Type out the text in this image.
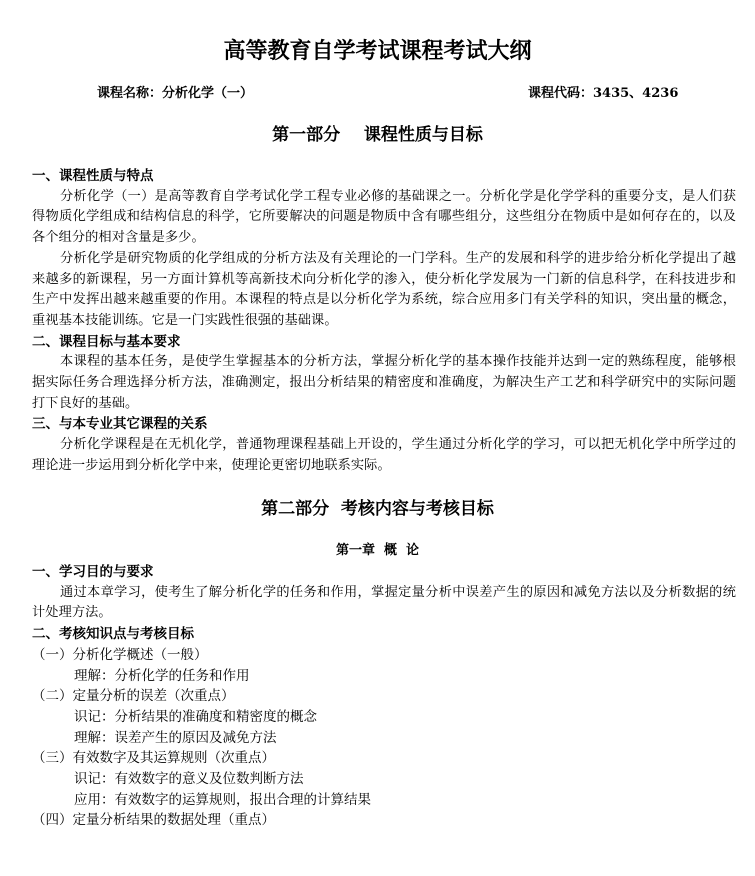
高等教育自学考试课程考试大纲
课程名称：分析化学（一）	课程代码：3435、4236
第一部分    课程性质与目标

一、课程性质与特点

分析化学（一）是高等教育自学考试化学工程专业必修的基础课之一。分析化学是化学学科的重要分支，是人们获得物质化学组成和结构信息的科学，它所要解决的问题是物质中含有哪些组分，这些组分在物质中是如何存在的，以及各个组分的相对含量是多少。

分析化学是研究物质的化学组成的分析方法及有关理论的一门学科。生产的发展和科学的进步给分析化学提出了越来越多的新课程，另一方面计算机等高新技术向分析化学的渗入，使分析化学发展为一门新的信息科学，在科技进步和生产中发挥出越来越重要的作用。本课程的特点是以分析化学为系统，综合应用多门有关学科的知识，突出量的概念，重视基本技能训练。它是一门实践性很强的基础课。

二、课程目标与基本要求

本课程的基本任务，是使学生掌握基本的分析方法，掌握分析化学的基本操作技能并达到一定的熟练程度，能够根据实际任务合理选择分析方法，准确测定，报出分析结果的精密度和准确度，为解决生产工艺和科学研究中的实际问题打下良好的基础。

三、与本专业其它课程的关系

分析化学课程是在无机化学，普通物理课程基础上开设的，学生通过分析化学的学习，可以把无机化学中所学过的理论进一步运用到分析化学中来，使理论更密切地联系实际。

第二部分  考核内容与考核目标
第一章  概  论

一、学习目的与要求

通过本章学习，使考生了解分析化学的任务和作用，掌握定量分析中误差产生的原因和减免方法以及分析数据的统计处理方法。

二、考核知识点与考核目标

（一）分析化学概述（一般）

理解：分析化学的任务和作用

（二）定量分析的误差（次重点）

识记：分析结果的准确度和精密度的概念

理解：误差产生的原因及减免方法

（三）有效数字及其运算规则（次重点）

识记：有效数字的意义及位数判断方法

应用：有效数字的运算规则，报出合理的计算结果

（四）定量分析结果的数据处理（重点）
